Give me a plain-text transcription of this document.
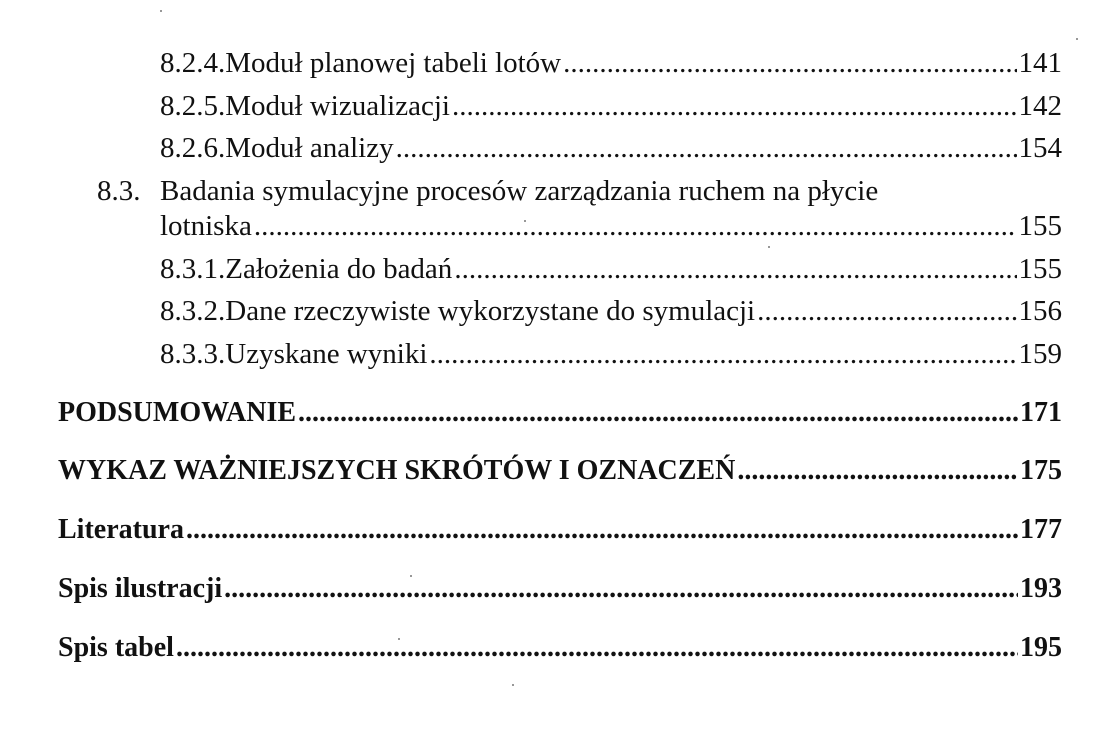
8.2.4. Moduł planowej tabeli lotów .....	141
8.2.5. Moduł wizualizacji .....	142
8.2.6. Moduł analizy .....	154
8.3. Badania symulacyjne procesów zarządzania ruchem na płycie
lotniska .....	155
8.3.1. Założenia do badań .....	155
8.3.2. Dane rzeczywiste wykorzystane do symulacji .....	156
8.3.3. Uzyskane wyniki .....	159
PODSUMOWANIE .....	171
WYKAZ WAŻNIEJSZYCH SKRÓTÓW I OZNACZEŃ .....	175
Literatura .....	177
Spis ilustracji .....	193
Spis tabel .....	195
